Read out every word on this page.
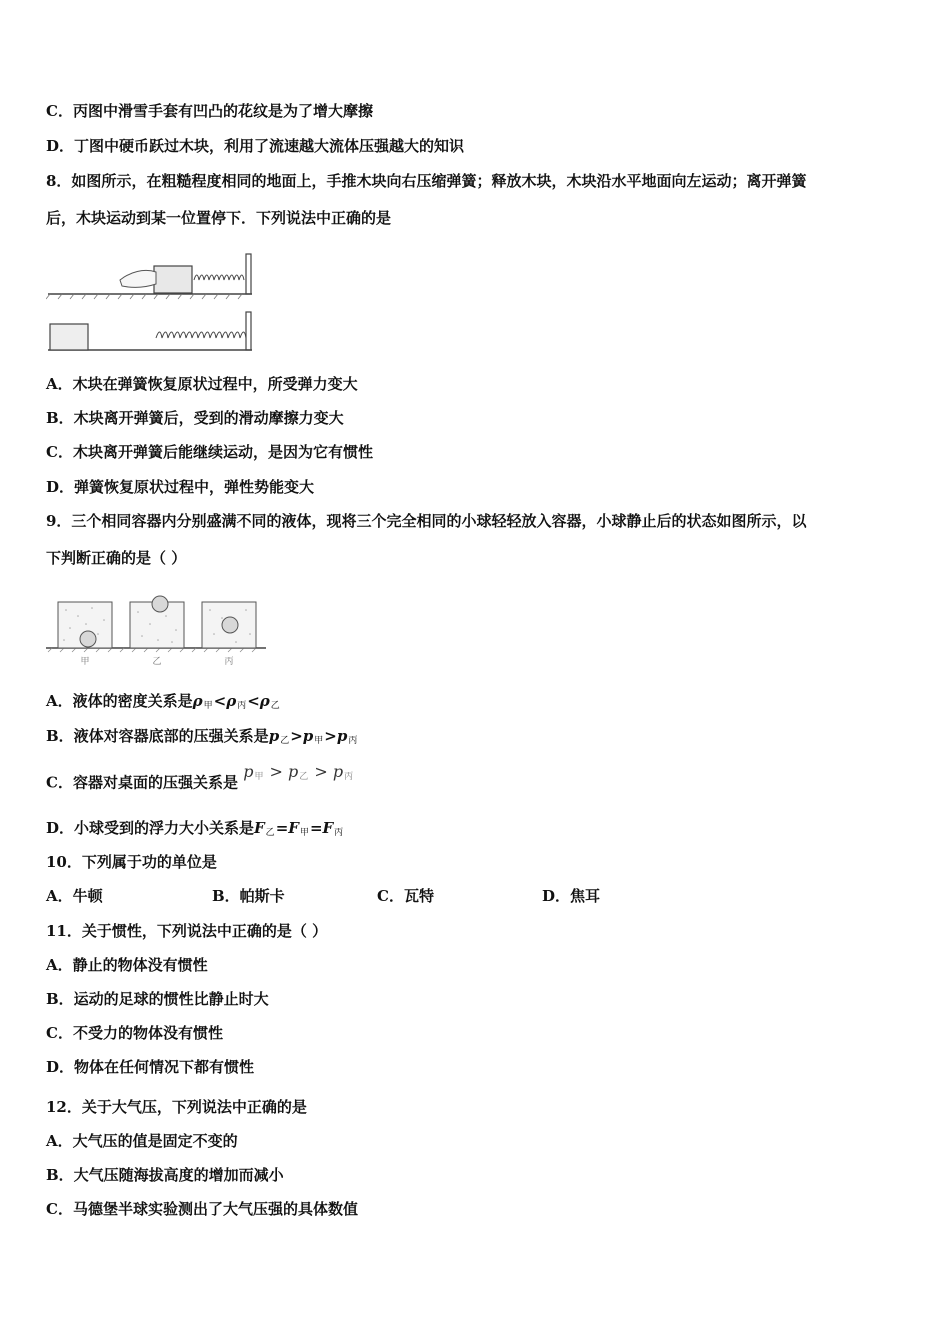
C．丙图中滑雪手套有凹凸的花纹是为了增大摩擦
D．丁图中硬币跃过木块，利用了流速越大流体压强越大的知识
8．如图所示，在粗糙程度相同的地面上，手推木块向右压缩弹簧；释放木块，木块沿水平地面向左运动；离开弹簧
后，木块运动到某一位置停下．下列说法中正确的是
A．木块在弹簧恢复原状过程中，所受弹力变大
B．木块离开弹簧后，受到的滑动摩擦力变大
C．木块离开弹簧后能继续运动，是因为它有惯性
D．弹簧恢复原状过程中，弹性势能变大
9．三个相同容器内分别盛满不同的液体，现将三个完全相同的小球轻轻放入容器，小球静止后的状态如图所示，以
下判断正确的是（ ）
甲	乙	丙
A．液体的密度关系是ρ甲<ρ丙<ρ乙
B．液体对容器底部的压强关系是p乙>p甲>p丙
C．容器对桌面的压强关系是 p甲 > p乙 > p丙
D．小球受到的浮力大小关系是F乙=F甲=F丙
10．下列属于功的单位是
A．牛顿	B．帕斯卡	C．瓦特	D．焦耳
11．关于惯性，下列说法中正确的是（ ）
A．静止的物体没有惯性
B．运动的足球的惯性比静止时大
C．不受力的物体没有惯性
D．物体在任何情况下都有惯性
12．关于大气压，下列说法中正确的是
A．大气压的值是固定不变的
B．大气压随海拔高度的增加而减小
C．马德堡半球实验测出了大气压强的具体数值
